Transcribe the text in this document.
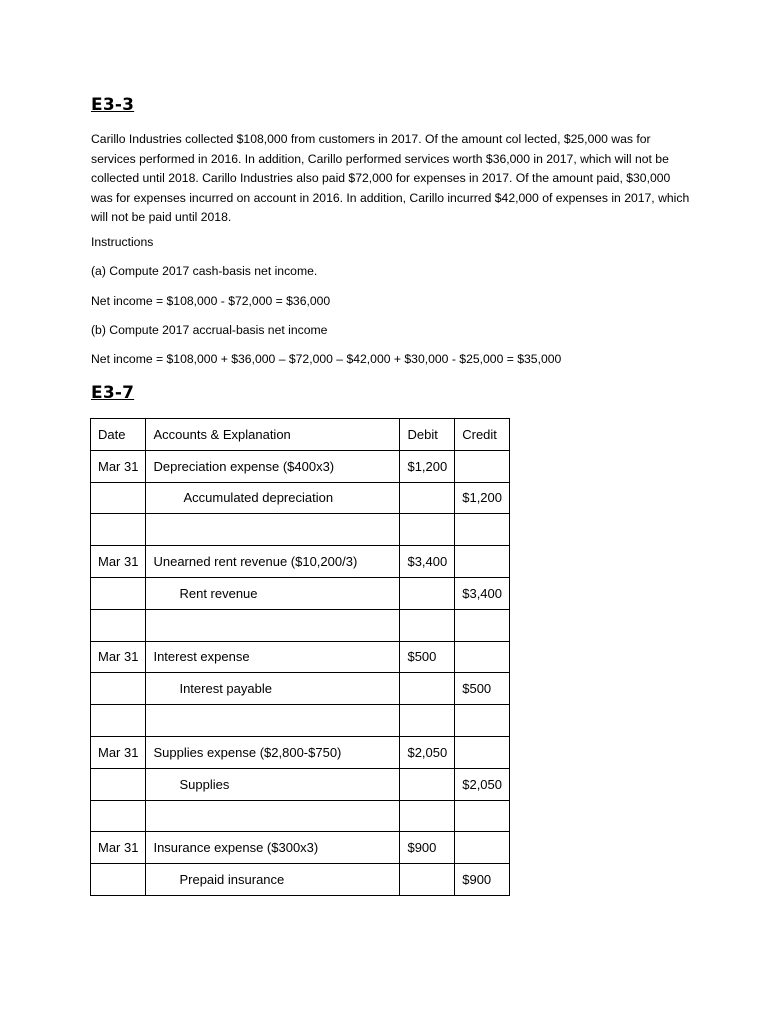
E3-3

Carillo Industries collected $108,000 from customers in 2017. Of the amount col lected, $25,000 was for services performed in 2016. In addition, Carillo performed services worth $36,000 in 2017, which will not be collected until 2018. Carillo Industries also paid $72,000 for expenses in 2017. Of the amount paid, $30,000 was for expenses incurred on account in 2016. In addition, Carillo incurred $42,000 of expenses in 2017, which will not be paid until 2018.

Instructions

(a) Compute 2017 cash-basis net income.

Net income = $108,000 - $72,000 = $36,000

(b) Compute 2017 accrual-basis net income

Net income = $108,000 + $36,000 – $72,000 – $42,000 + $30,000 - $25,000 = $35,000

E3-7
Date	Accounts & Explanation	Debit	Credit
Mar 31	Depreciation expense ($400x3)	$1,200	
	Accumulated depreciation		$1,200

Mar 31	Unearned rent revenue ($10,200/3)	$3,400	
	Rent revenue		$3,400

Mar 31	Interest expense	$500	
	Interest payable		$500

Mar 31	Supplies expense ($2,800-$750)	$2,050	
	Supplies		$2,050

Mar 31	Insurance expense ($300x3)	$900	
	Prepaid insurance		$900
